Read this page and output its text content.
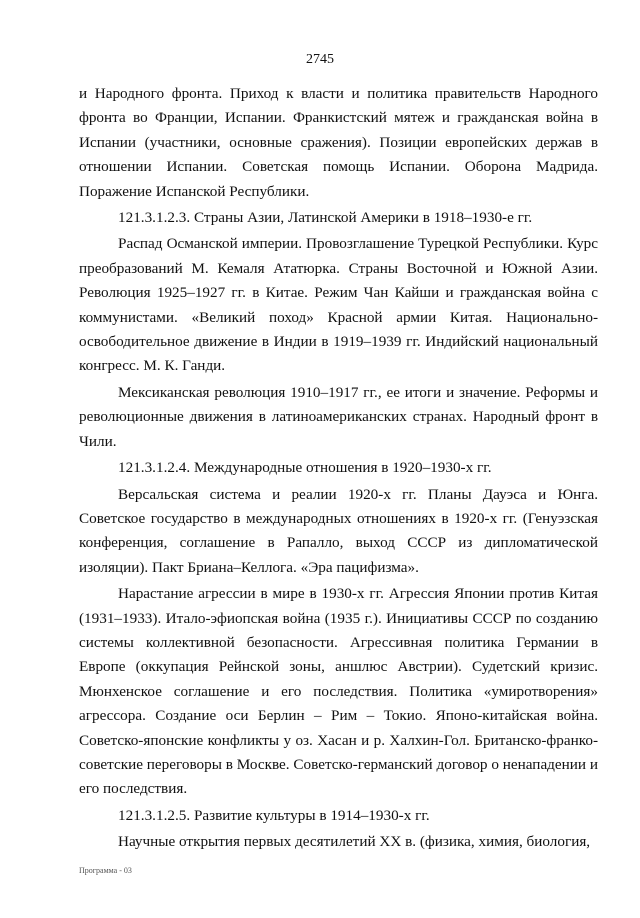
2745

и Народного фронта. Приход к власти и политика правительств Народного фронта во Франции, Испании. Франкистский мятеж и гражданская война в Испании (участники, основные сражения). Позиции европейских держав в отношении Испании. Советская помощь Испании. Оборона Мадрида. Поражение Испанской Республики.

121.3.1.2.3. Страны Азии, Латинской Америки в 1918–1930-е гг.

Распад Османской империи. Провозглашение Турецкой Республики. Курс преобразований М. Кемаля Ататюрка. Страны Восточной и Южной Азии. Революция 1925–1927 гг. в Китае. Режим Чан Кайши и гражданская война с коммунистами. «Великий поход» Красной армии Китая. Национально-освободительное движение в Индии в 1919–1939 гг. Индийский национальный конгресс. М. К. Ганди.

Мексиканская революция 1910–1917 гг., ее итоги и значение. Реформы и революционные движения в латиноамериканских странах. Народный фронт в Чили.

121.3.1.2.4. Международные отношения в 1920–1930-х гг.

Версальская система и реалии 1920-х гг. Планы Дауэса и Юнга. Советское государство в международных отношениях в 1920-х гг. (Генуэзская конференция, соглашение в Рапалло, выход СССР из дипломатической изоляции). Пакт Бриана–Келлога. «Эра пацифизма».

Нарастание агрессии в мире в 1930-х гг. Агрессия Японии против Китая (1931–1933). Итало-эфиопская война (1935 г.). Инициативы СССР по созданию системы коллективной безопасности. Агрессивная политика Германии в Европе (оккупация Рейнской зоны, аншлюс Австрии). Судетский кризис. Мюнхенское соглашение и его последствия. Политика «умиротворения» агрессора. Создание оси Берлин – Рим – Токио. Японо-китайская война. Советско-японские конфликты у оз. Хасан и р. Халхин-Гол. Британско-франко-советские переговоры в Москве. Советско-германский договор о ненападении и его последствия.

121.3.1.2.5. Развитие культуры в 1914–1930-х гг.

Научные открытия первых десятилетий XX в. (физика, химия, биология,

Программа - 03
